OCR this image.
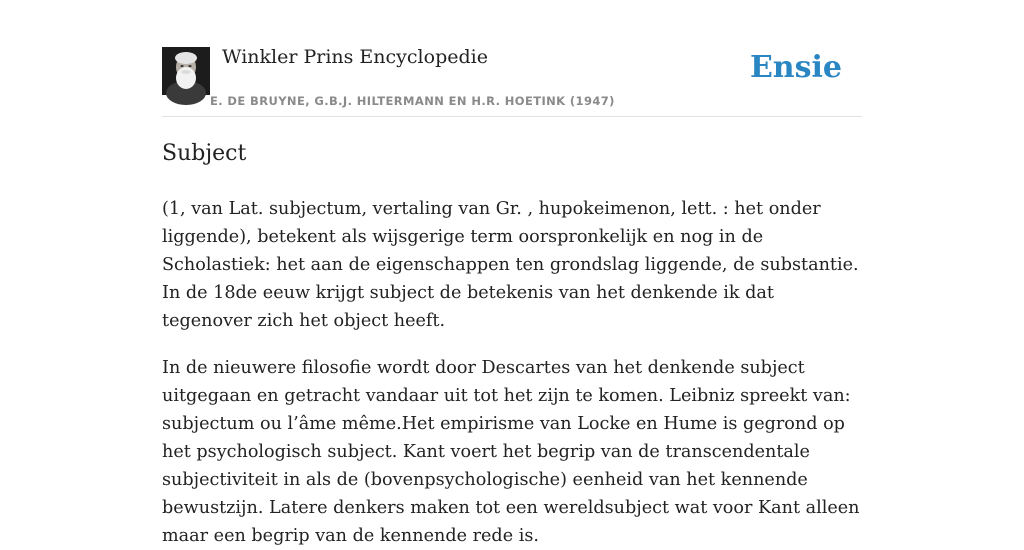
Winkler Prins Encyclopedie
E. DE BRUYNE, G.B.J. HILTERMANN EN H.R. HOETINK (1947)
Ensie
Subject

(1, van Lat. subjectum, vertaling van Gr. , hupokeimenon, lett. : het onder liggende), betekent als wijsgerige term oorspronkelijk en nog in de Scholastiek: het aan de eigenschappen ten grondslag liggende, de substantie. In de 18de eeuw krijgt subject de betekenis van het denkende ik dat tegenover zich het object heeft.

In de nieuwere filosofie wordt door Descartes van het denkende subject uitgegaan en getracht vandaar uit tot het zijn te komen. Leibniz spreekt van: subjectum ou l’âme même.Het empirisme van Locke en Hume is gegrond op het psychologisch subject. Kant voert het begrip van de transcendentale subjectiviteit in als de (bovenpsychologische) eenheid van het kennende bewustzijn. Latere denkers maken tot een wereldsubject wat voor Kant alleen maar een begrip van de kennende rede is.
